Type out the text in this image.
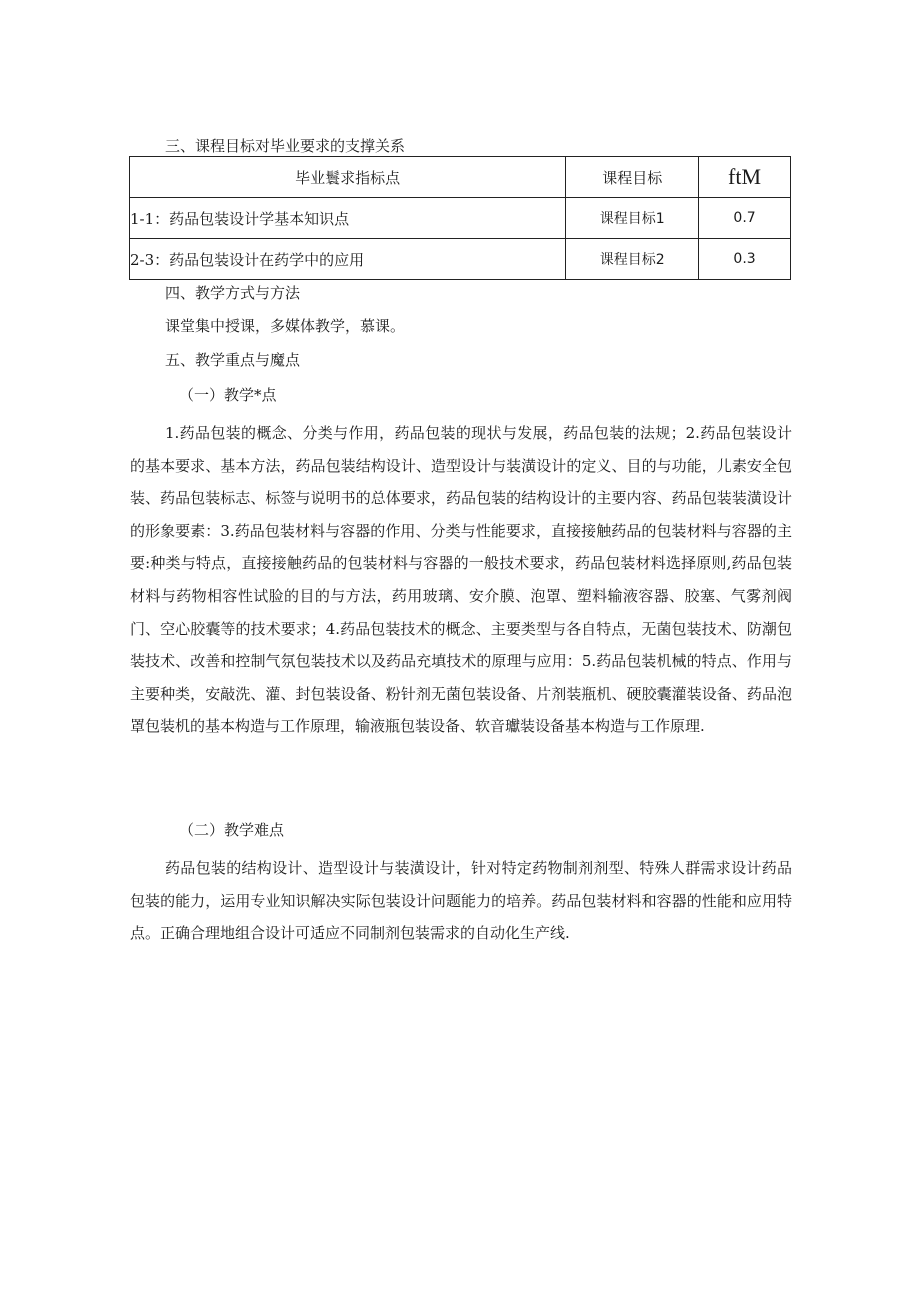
三、课程目标对毕业要求的支撑关系
毕业鬟求指标点	课程目标	ftM
1-1：药品包装设计学基本知识点	课程目标1	0.7
2-3：药品包装设计在药学中的应用	课程目标2	0.3
四、教学方式与方法
课堂集中授课，多媒体教学，慕课。
五、教学重点与魔点
（一）教学*点

1.药品包装的概念、分类与作用，药品包装的现状与发展，药品包装的法规；2.药品包装设计的基本要求、基本方法，药品包装结构设计、造型设计与装潢设计的定义、目的与功能，儿素安全包装、药品包装标志、标签与说明书的总体要求，药品包装的结构设计的主要内容、药品包装装潢设计的形象要素：3.药品包装材料与容器的作用、分类与性能要求，直接接触药品的包装材料与容器的主要:种类与特点，直接接触药品的包装材料与容器的一般技术要求，药品包装材料选择原则,药品包装材料与药物相容性试脸的目的与方法，药用玻璃、安介膜、泡罩、塑料输液容器、胶塞、气雾剂阀门、空心胶囊等的技术要求；4.药品包装技术的概念、主要类型与各自特点，无菌包装技术、防潮包装技术、改善和控制气氛包装技术以及药品充填技术的原理与应用：5.药品包装机械的特点、作用与主要种类，安敲洗、灌、封包装设备、粉针剂无菌包装设备、片剂装瓶机、硬胶囊灌装设备、药品泡罩包装机的基本构造与工作原理，输液瓶包装设备、软音瓛装设备基本构造与工作原理.

（二）教学难点

药品包装的结构设计、造型设计与装潢设计，针对特定药物制剂剂型、特殊人群需求设计药品包装的能力，运用专业知识解决实际包装设计问题能力的培养。药品包装材料和容器的性能和应用特点。正确合理地组合设计可适应不同制剂包装需求的自动化生产线.
